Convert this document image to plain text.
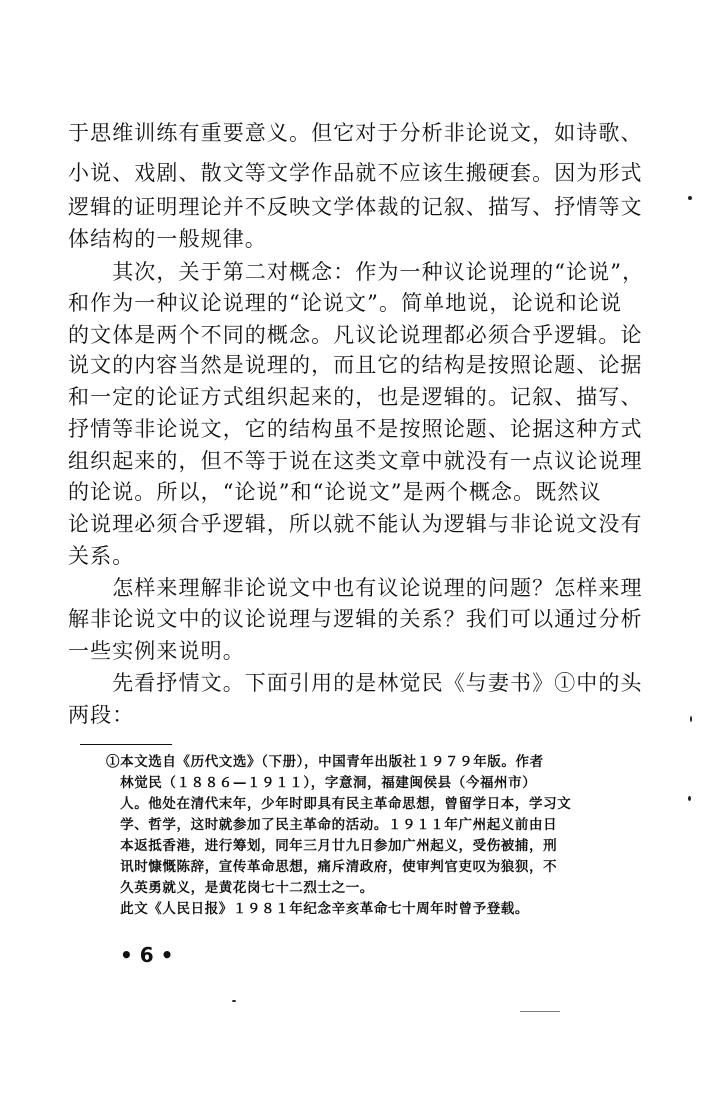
于思维训练有重要意义。但它对于分析非论说文，如诗歌、
小说、戏剧、散文等文学作品就不应该生搬硬套。因为形式
逻辑的证明理论并不反映文学体裁的记叙、描写、抒情等文
体结构的一般规律。
　　其次，关于第二对概念：作为一种议论说理的“论说”，
和作为一种议论说理的“论说文”。简单地说，论说和论说
的文体是两个不同的概念。凡议论说理都必须合乎逻辑。论
说文的内容当然是说理的，而且它的结构是按照论题、论据
和一定的论证方式组织起来的，也是逻辑的。记叙、描写、
抒情等非论说文，它的结构虽不是按照论题、论据这种方式
组织起来的，但不等于说在这类文章中就没有一点议论说理
的论说。所以，“论说”和“论说文”是两个概念。既然议
论说理必须合乎逻辑，所以就不能认为逻辑与非论说文没有
关系。
　　怎样来理解非论说文中也有议论说理的问题？怎样来理
解非论说文中的议论说理与逻辑的关系？我们可以通过分析
一些实例来说明。
　　先看抒情文。下面引用的是林觉民《与妻书》①中的头
两段：
①本文选自《历代文选》（下册），中国青年出版社１９７９年版。作者
　林觉民（１８８６—１９１１），字意洞，福建闽侯县（今福州市）
　人。他处在清代末年，少年时即具有民主革命思想，曾留学日本，学习文
　学、哲学，这时就参加了民主革命的活动。１９１１年广州起义前由日
　本返抵香港，进行筹划，同年三月廿九日参加广州起义，受伤被捕，刑
　讯时慷慨陈辞，宣传革命思想，痛斥清政府，使审判官吏叹为狼狈，不
　久英勇就义，是黄花岗七十二烈士之一。
　此文《人民日报》１９８１年纪念辛亥革命七十周年时曾予登载。
• 6 •
